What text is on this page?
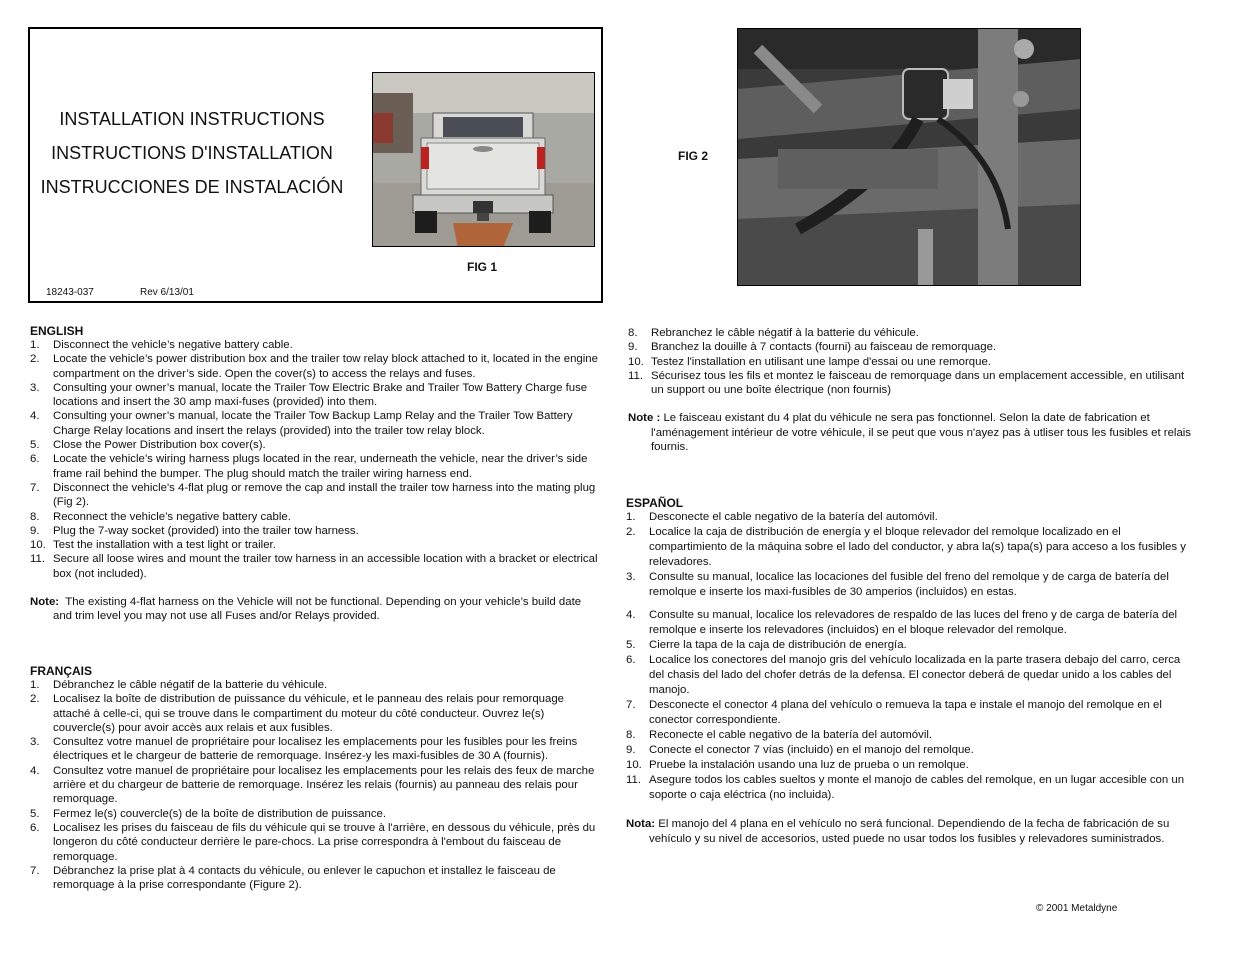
INSTALLATION INSTRUCTIONS
INSTRUCTIONS D'INSTALLATION
INSTRUCCIONES DE INSTALACIÓN
FIG 1
18243-037	Rev 6/13/01
FIG 2
ENGLISH
1. Disconnect the vehicle’s negative battery cable.
2. Locate the vehicle’s power distribution box and the trailer tow relay block attached to it, located in the engine compartment on the driver’s side. Open the cover(s) to access the relays and fuses.
3. Consulting your owner’s manual, locate the Trailer Tow Electric Brake and Trailer Tow Battery Charge fuse locations and insert the 30 amp maxi-fuses (provided) into them.
4. Consulting your owner’s manual, locate the Trailer Tow Backup Lamp Relay and the Trailer Tow Battery Charge Relay locations and insert the relays (provided) into the trailer tow relay block.
5. Close the Power Distribution box cover(s).
6. Locate the vehicle’s wiring harness plugs located in the rear, underneath the vehicle, near the driver’s side frame rail behind the bumper. The plug should match the trailer wiring harness end.
7. Disconnect the vehicle's 4-flat plug or remove the cap and install the trailer tow harness into the mating plug (Fig 2).
8. Reconnect the vehicle’s negative battery cable.
9. Plug the 7-way socket (provided) into the trailer tow harness.
10. Test the installation with a test light or trailer.
11. Secure all loose wires and mount the trailer tow harness in an accessible location with a bracket or electrical box (not included).
Note: The existing 4-flat harness on the Vehicle will not be functional. Depending on your vehicle’s build date and trim level you may not use all Fuses and/or Relays provided.
FRANÇAIS
1. Débranchez le câble négatif de la batterie du véhicule.
2. Localisez la boîte de distribution de puissance du véhicule, et le panneau des relais pour remorquage attaché à celle-ci, qui se trouve dans le compartiment du moteur du côté conducteur. Ouvrez le(s) couvercle(s) pour avoir accès aux relais et aux fusibles.
3. Consultez votre manuel de propriétaire pour localisez les emplacements pour les fusibles pour les freins électriques et le chargeur de batterie de remorquage. Insérez-y les maxi-fusibles de 30 A (fournis).
4. Consultez votre manuel de propriétaire pour localisez les emplacements pour les relais des feux de marche arrière et du chargeur de batterie de remorquage. Insérez les relais (fournis) au panneau des relais pour remorquage.
5. Fermez le(s) couvercle(s) de la boîte de distribution de puissance.
6. Localisez les prises du faisceau de fils du véhicule qui se trouve à l'arrière, en dessous du véhicule, près du longeron du côté conducteur derrière le pare-chocs. La prise correspondra à l'embout du faisceau de remorquage.
7. Débranchez la prise plat à 4 contacts du véhicule, ou enlever le capuchon et installez le faisceau de remorquage à la prise correspondante (Figure 2).
8. Rebranchez le câble négatif à la batterie du véhicule.
9. Branchez la douille à 7 contacts (fourni) au faisceau de remorquage.
10. Testez l'installation en utilisant une lampe d'essai ou une remorque.
11. Sécurisez tous les fils et montez le faisceau de remorquage dans un emplacement accessible, en utilisant un support ou une boîte électrique (non fournis)
Note : Le faisceau existant du 4 plat du véhicule ne sera pas fonctionnel. Selon la date de fabrication et l'aménagement intérieur de votre véhicule, il se peut que vous n'ayez pas à utliser tous les fusibles et relais fournis.
ESPAÑOL
1. Desconecte el cable negativo de la batería del automóvil.
2. Localice la caja de distribución de energía y el bloque relevador del remolque localizado en el compartimiento de la máquina sobre el lado del conductor, y abra la(s) tapa(s) para acceso a los fusibles y relevadores.
3. Consulte su manual, localice las locaciones del fusible del freno del remolque y de carga de batería del remolque e inserte los maxi-fusibles de 30 amperios (incluidos) en estas.
4. Consulte su manual, localice los relevadores de respaldo de las luces del freno y de carga de batería del remolque e inserte los relevadores (incluidos) en el bloque relevador del remolque.
5. Cierre la tapa de la caja de distribución de energía.
6. Localice los conectores del manojo gris del vehículo localizada en la parte trasera debajo del carro, cerca del chasis del lado del chofer detrás de la defensa. El conector deberá de quedar unido a los cables del manojo.
7. Desconecte el conector 4 plana del vehículo o remueva la tapa e instale el manojo del remolque en el conector correspondiente.
8. Reconecte el cable negativo de la batería del automóvil.
9. Conecte el conector 7 vías (incluido) en el manojo del remolque.
10. Pruebe la instalación usando una luz de prueba o un remolque.
11. Asegure todos los cables sueltos y monte el manojo de cables del remolque, en un lugar accesible con un soporte o caja eléctrica (no incluida).
Nota: El manojo del 4 plana en el vehículo no será funcional. Dependiendo de la fecha de fabricación de su vehículo y su nivel de accesorios, usted puede no usar todos los fusibles y relevadores suministrados.
© 2001 Metaldyne
